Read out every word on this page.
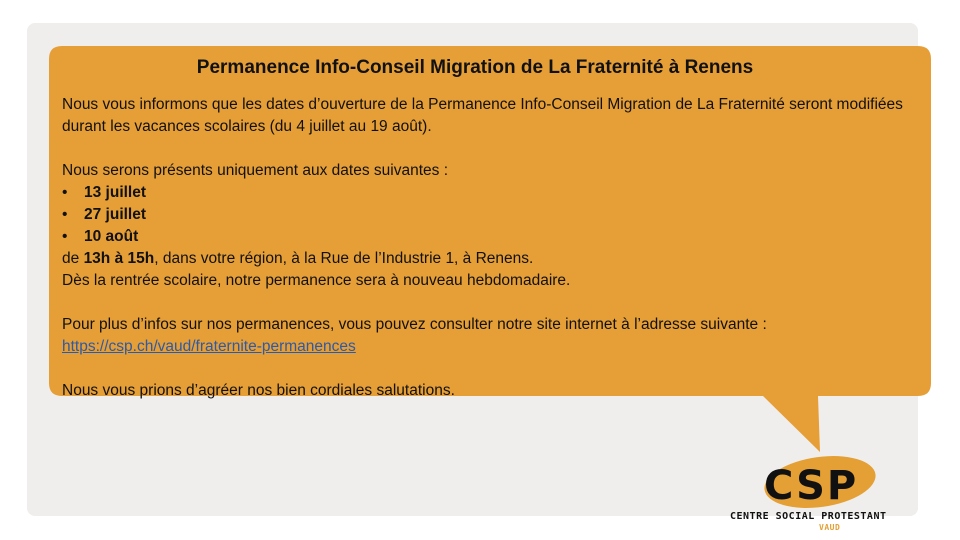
Permanence Info-Conseil Migration de La Fraternité à Renens

Nous vous informons que les dates d’ouverture de la Permanence Info-Conseil Migration de La Fraternité seront modifiées durant les vacances scolaires (du 4 juillet au 19 août).

Nous serons présents uniquement aux dates suivantes :

• 13 juillet
• 27 juillet
• 10 août

de 13h à 15h, dans votre région, à la Rue de l’Industrie 1, à Renens.

Dès la rentrée scolaire, notre permanence sera à nouveau hebdomadaire.

Pour plus d’infos sur nos permanences, vous pouvez consulter notre site internet à l’adresse suivante :

https://csp.ch/vaud/fraternite-permanences

Nous vous prions d’agréer nos bien cordiales salutations.

CSP
CENTRE SOCIAL PROTESTANT
VAUD
